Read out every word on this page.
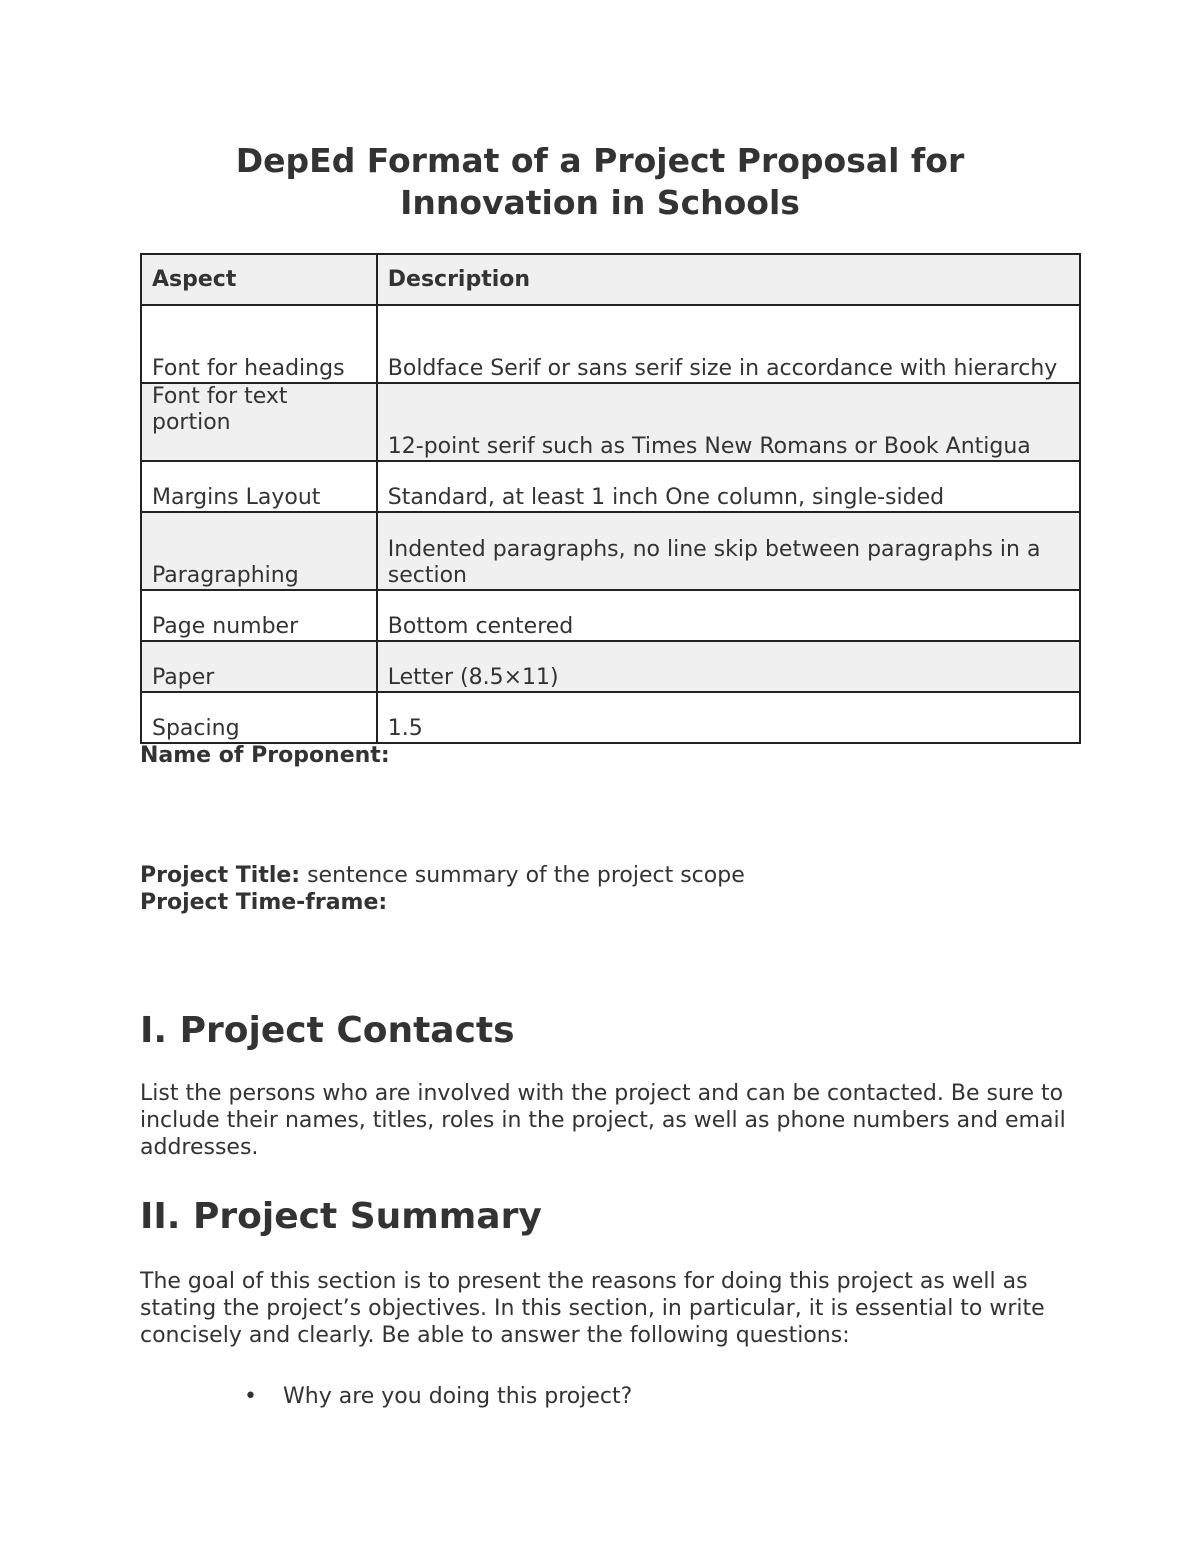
DepEd Format of a Project Proposal for
Innovation in Schools
Aspect	Description
Font for headings	Boldface Serif or sans serif size in accordance with hierarchy
Font for text portion	12-point serif such as Times New Romans or Book Antigua
Margins Layout	Standard, at least 1 inch One column, single-sided
Paragraphing	Indented paragraphs, no line skip between paragraphs in a section
Page number	Bottom centered
Paper	Letter (8.5×11)
Spacing	1.5

Name of Proponent:

Project Title: sentence summary of the project scope

Project Time-frame:

I. Project Contacts

List the persons who are involved with the project and can be contacted. Be sure to include their names, titles, roles in the project, as well as phone numbers and email addresses.

II. Project Summary

The goal of this section is to present the reasons for doing this project as well as stating the project’s objectives. In this section, in particular, it is essential to write concisely and clearly. Be able to answer the following questions:

• Why are you doing this project?
